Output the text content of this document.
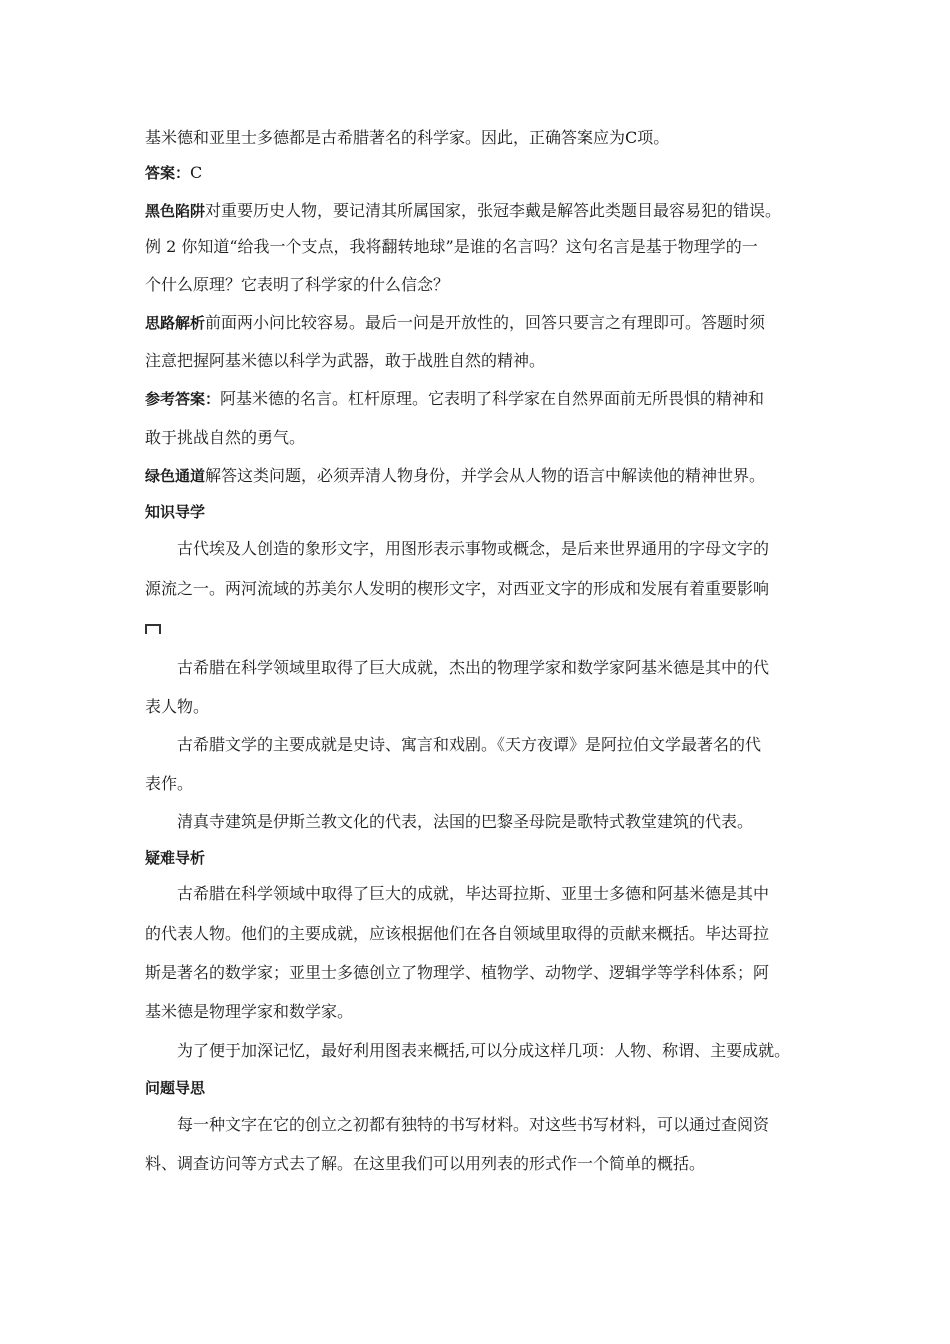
基米德和亚里士多德都是古希腊著名的科学家。因此，正确答案应为C项。
答案：C
黑色陷阱对重要历史人物，要记清其所属国家，张冠李戴是解答此类题目最容易犯的错误。
例 2 你知道“给我一个支点，我将翻转地球”是谁的名言吗？这句名言是基于物理学的一
个什么原理？它表明了科学家的什么信念？
思路解析前面两小问比较容易。最后一问是开放性的，回答只要言之有理即可。答题时须
注意把握阿基米德以科学为武器，敢于战胜自然的精神。
参考答案：阿基米德的名言。杠杆原理。它表明了科学家在自然界面前无所畏惧的精神和
敢于挑战自然的勇气。
绿色通道解答这类问题，必须弄清人物身份，并学会从人物的语言中解读他的精神世界。
知识导学
古代埃及人创造的象形文字，用图形表示事物或概念，是后来世界通用的字母文字的
源流之一。两河流域的苏美尔人发明的楔形文字，对西亚文字的形成和发展有着重要影响
古希腊在科学领域里取得了巨大成就，杰出的物理学家和数学家阿基米德是其中的代
表人物。
古希腊文学的主要成就是史诗、寓言和戏剧。《天方夜谭》是阿拉伯文学最著名的代
表作。
清真寺建筑是伊斯兰教文化的代表，法国的巴黎圣母院是歌特式教堂建筑的代表。
疑难导析
古希腊在科学领域中取得了巨大的成就，毕达哥拉斯、亚里士多德和阿基米德是其中
的代表人物。他们的主要成就，应该根据他们在各自领域里取得的贡献来概括。毕达哥拉
斯是著名的数学家；亚里士多德创立了物理学、植物学、动物学、逻辑学等学科体系；阿
基米德是物理学家和数学家。
为了便于加深记忆，最好利用图表来概括,可以分成这样几项：人物、称谓、主要成就。
问题导思
每一种文字在它的创立之初都有独特的书写材料。对这些书写材料，可以通过查阅资
料、调查访问等方式去了解。在这里我们可以用列表的形式作一个简单的概括。
